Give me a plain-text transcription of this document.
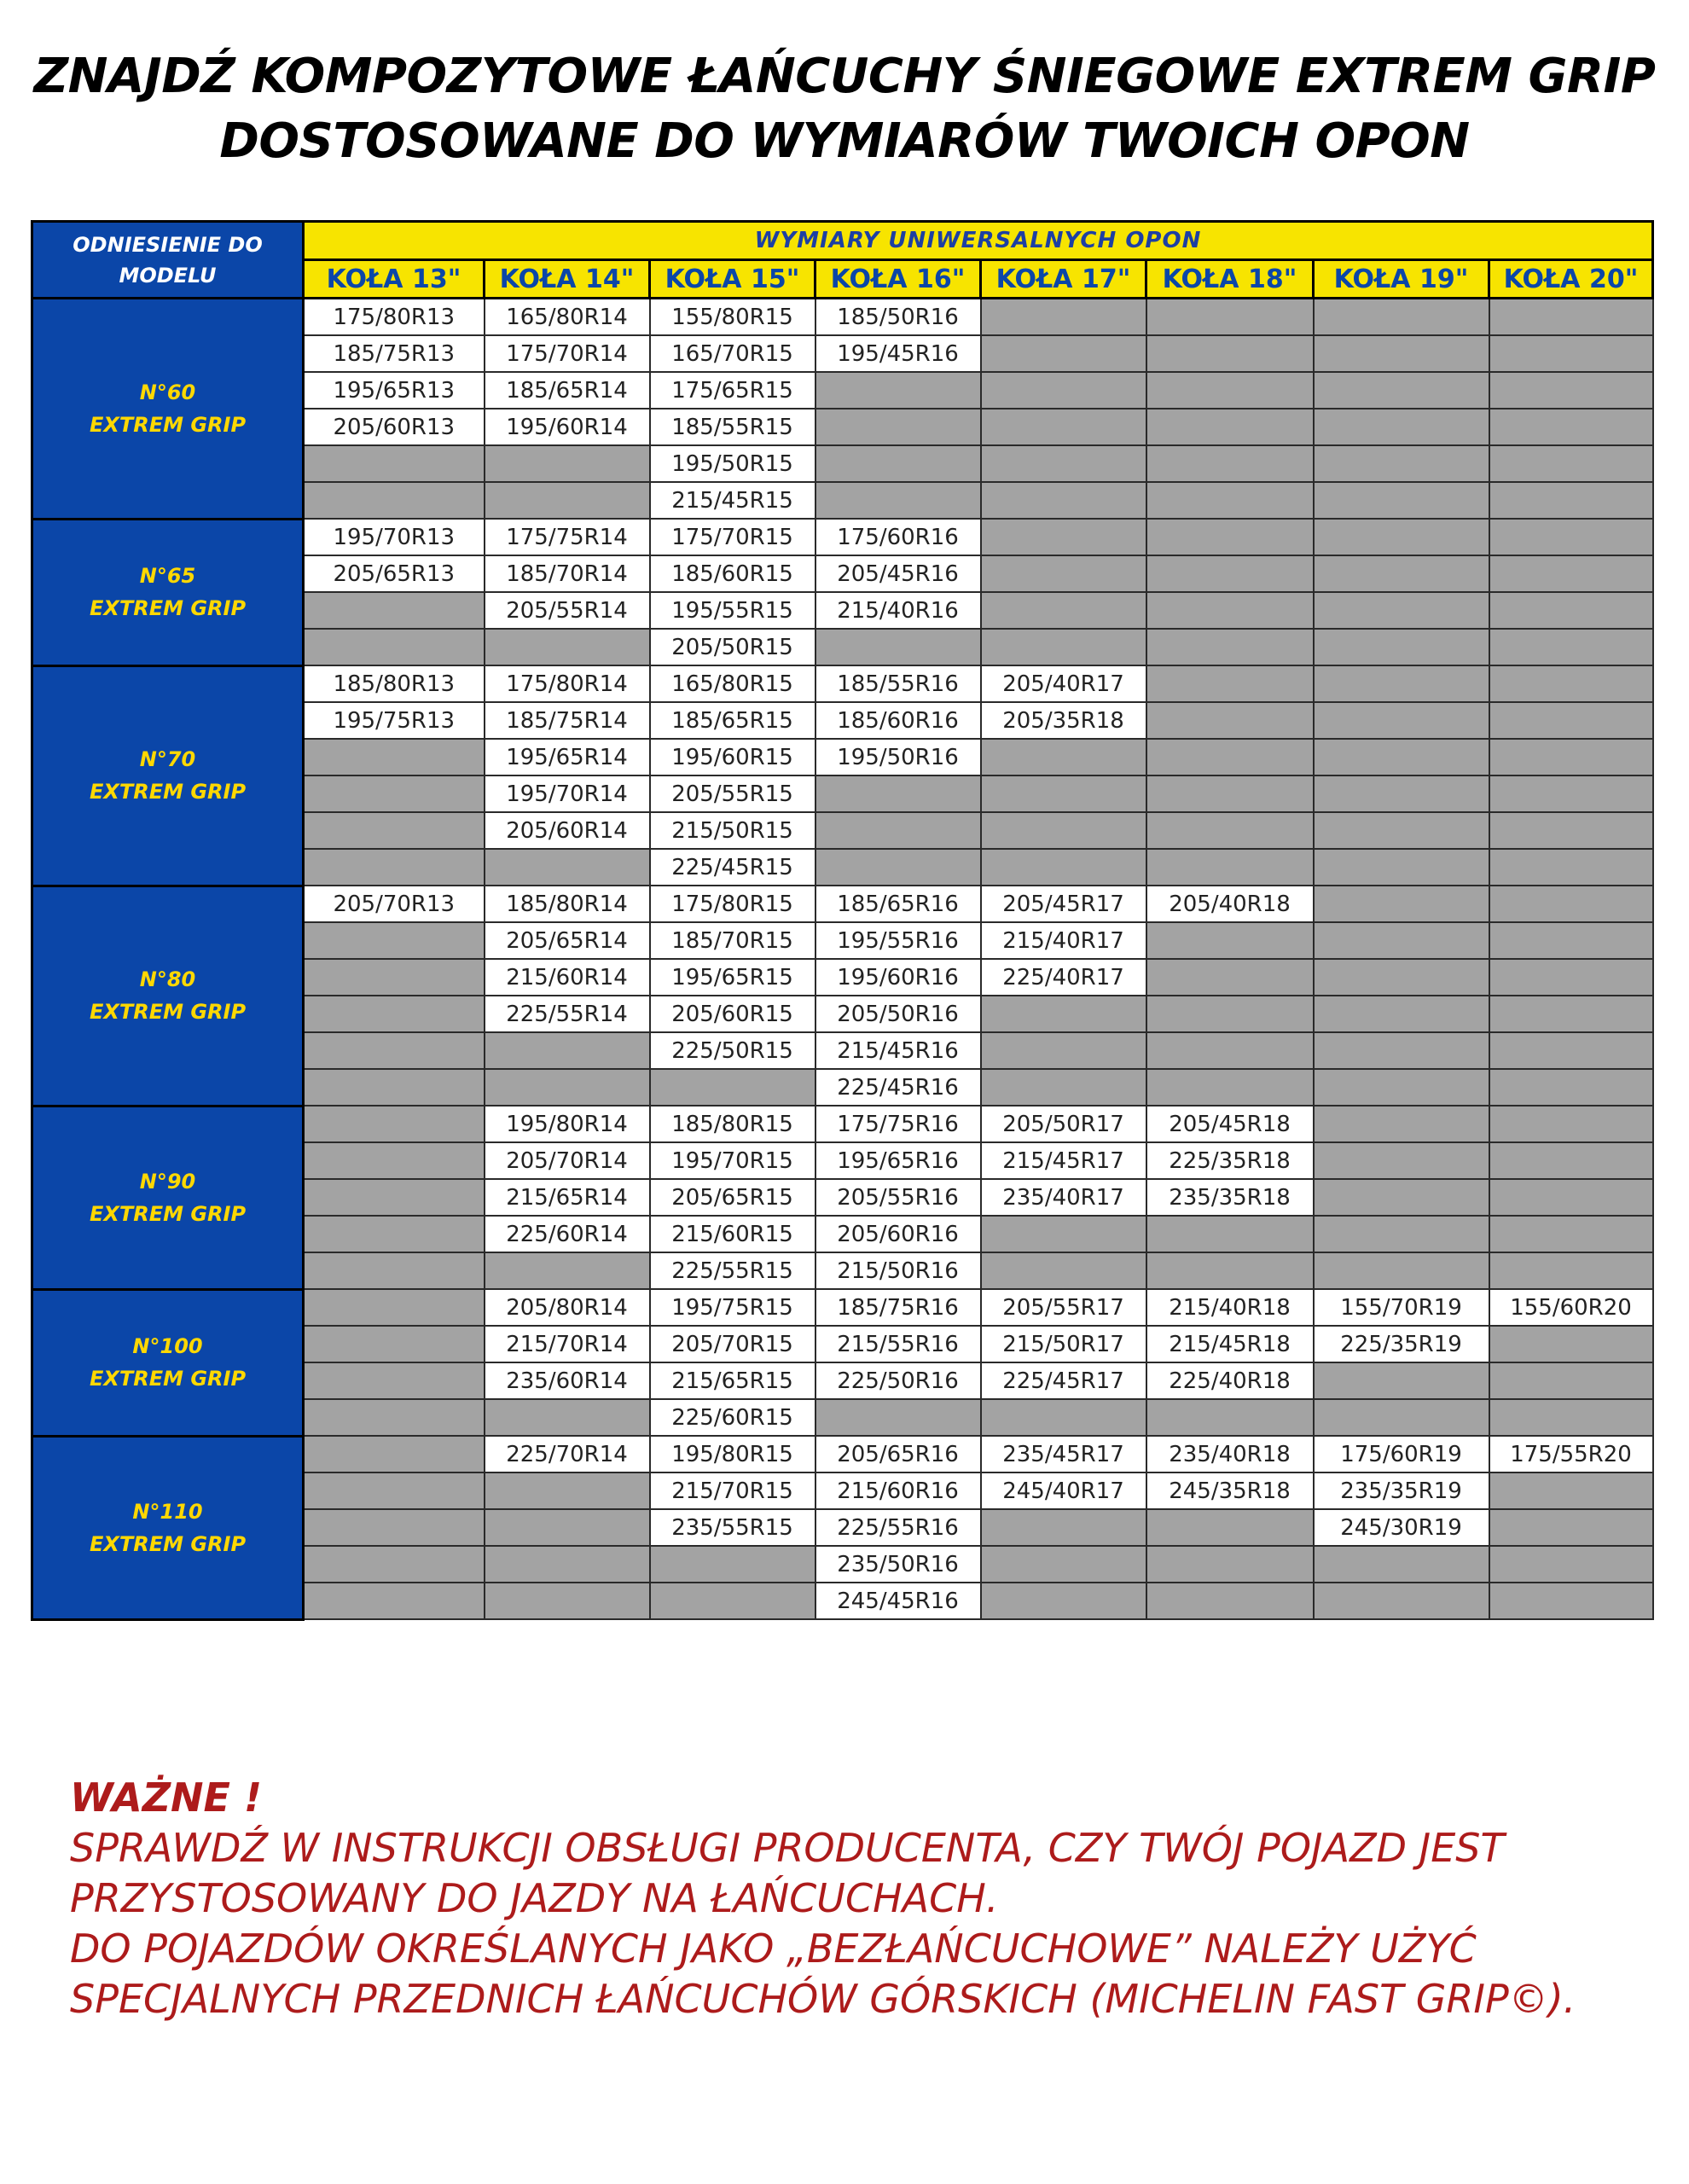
ZNAJDŹ KOMPOZYTOWE ŁAŃCUCHY ŚNIEGOWE EXTREM GRIP
DOSTOSOWANE DO WYMIARÓW TWOICH OPON
ODNIESIENIE DO
MODELU	WYMIARY UNIWERSALNYCH OPON							
	KOŁA 13"	KOŁA 14"	KOŁA 15"	KOŁA 16"	KOŁA 17"	KOŁA 18"	KOŁA 19"	KOŁA 20"

N°60
EXTREM GRIP	175/80R13	165/80R14	155/80R15	185/50R16				
	185/75R13	175/70R14	165/70R15	195/45R16				
	195/65R13	185/65R14	175/65R15					
	205/60R13	195/60R14	185/55R15					
			195/50R15					
			215/45R15					

N°65
EXTREM GRIP	195/70R13	175/75R14	175/70R15	175/60R16				
	205/65R13	185/70R14	185/60R15	205/45R16				
		205/55R14	195/55R15	215/40R16				
			205/50R15					

N°70
EXTREM GRIP	185/80R13	175/80R14	165/80R15	185/55R16	205/40R17			
	195/75R13	185/75R14	185/65R15	185/60R16	205/35R18			
		195/65R14	195/60R15	195/50R16				
		195/70R14	205/55R15					
		205/60R14	215/50R15					
			225/45R15					

N°80
EXTREM GRIP	205/70R13	185/80R14	175/80R15	185/65R16	205/45R17	205/40R18		
		205/65R14	185/70R15	195/55R16	215/40R17			
		215/60R14	195/65R15	195/60R16	225/40R17			
		225/55R14	205/60R15	205/50R16				
			225/50R15	215/45R16				
				225/45R16				

N°90
EXTREM GRIP		195/80R14	185/80R15	175/75R16	205/50R17	205/45R18		
		205/70R14	195/70R15	195/65R16	215/45R17	225/35R18		
		215/65R14	205/65R15	205/55R16	235/40R17	235/35R18		
		225/60R14	215/60R15	205/60R16				
			225/55R15	215/50R16				

N°100
EXTREM GRIP		205/80R14	195/75R15	185/75R16	205/55R17	215/40R18	155/70R19	155/60R20
		215/70R14	205/70R15	215/55R16	215/50R17	215/45R18	225/35R19	
		235/60R14	215/65R15	225/50R16	225/45R17	225/40R18		
			225/60R15					

N°110
EXTREM GRIP		225/70R14	195/80R15	205/65R16	235/45R17	235/40R18	175/60R19	175/55R20
			215/70R15	215/60R16	245/40R17	245/35R18	235/35R19	
			235/55R15	225/55R16			245/30R19	
				235/50R16				
				245/45R16				
WAŻNE !
SPRAWDŹ W INSTRUKCJI OBSŁUGI PRODUCENTA, CZY TWÓJ POJAZD JEST
PRZYSTOSOWANY DO JAZDY NA ŁAŃCUCHACH.
DO POJAZDÓW OKREŚLANYCH JAKO „BEZŁAŃCUCHOWE” NALEŻY UŻYĆ
SPECJALNYCH PRZEDNICH ŁAŃCUCHÓW GÓRSKICH (MICHELIN FAST GRIP©).
